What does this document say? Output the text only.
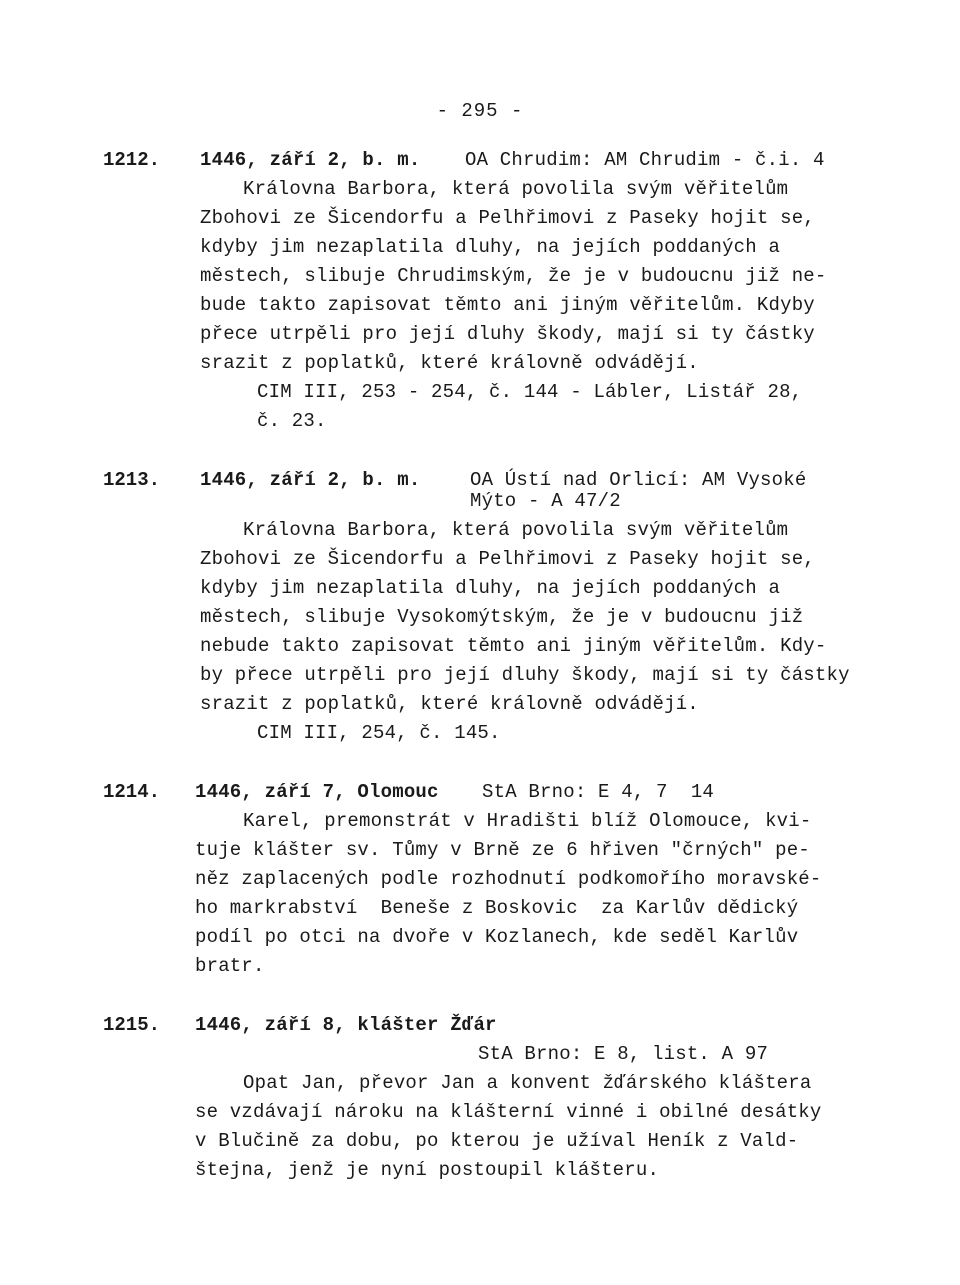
- 295 -
1212. 1446, září 2, b. m. OA Chrudim: AM Chrudim - č.i. 4
Královna Barbora, která povolila svým věřitelům
Zbohovi ze Šicendorfu a Pelhřimovi z Paseky hojit se,
kdyby jim nezaplatila dluhy, na jejích poddaných a
městech, slibuje Chrudimským, že je v budoucnu již ne-
bude takto zapisovat těmto ani jiným věřitelům. Kdyby
přece utrpěli pro její dluhy škody, mají si ty částky
srazit z poplatků, které královně odvádějí.
CIM III, 253 - 254, č. 144 - Lábler, Listář 28,
č. 23.
1213. 1446, září 2, b. m.	OA Ústí nad Orlicí: AM Vysoké
Mýto - A 47/2
Královna Barbora, která povolila svým věřitelům
Zbohovi ze Šicendorfu a Pelhřimovi z Paseky hojit se,
kdyby jim nezaplatila dluhy, na jejích poddaných a
městech, slibuje Vysokomýtským, že je v budoucnu již
nebude takto zapisovat těmto ani jiným věřitelům. Kdy-
by přece utrpěli pro její dluhy škody, mají si ty částky
srazit z poplatků, které královně odvádějí.
CIM III, 254, č. 145.
1214. 1446, září 7, Olomouc StA Brno: E 4, 7  14
Karel, premonstrát v Hradišti blíž Olomouce, kvi-
tuje klášter sv. Tůmy v Brně ze 6 hřiven "črných" pe-
něz zaplacených podle rozhodnutí podkomořího moravské-
ho markrabství  Beneše z Boskovic  za Karlův dědický
podíl po otci na dvoře v Kozlanech, kde seděl Karlův
bratr.
1215. 1446, září 8, klášter Žďár
StA Brno: E 8, list. A 97
Opat Jan, převor Jan a konvent žďárského kláštera
se vzdávají nároku na klášterní vinné i obilné desátky
v Blučině za dobu, po kterou je užíval Heník z Vald-
štejna, jenž je nyní postoupil klášteru.
